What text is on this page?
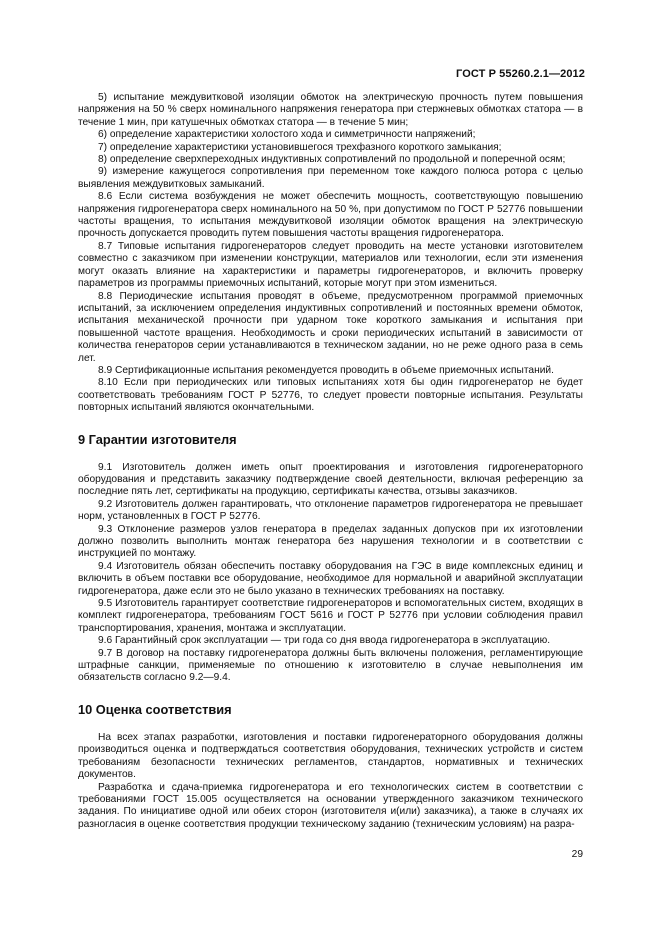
ГОСТ Р 55260.2.1—2012

5) испытание междувитковой изоляции обмоток на электрическую прочность путем повышения напряжения на 50 % сверх номинального напряжения генератора при стержневых обмотках статора — в течение 1 мин, при катушечных обмотках статора — в течение 5 мин;

6) определение характеристики холостого хода и симметричности напряжений;

7) определение характеристики установившегося трехфазного короткого замыкания;

8) определение сверхпереходных индуктивных сопротивлений по продольной и поперечной осям;

9) измерение кажущегося сопротивления при переменном токе каждого полюса ротора с целью выявления междувитковых замыканий.

8.6 Если система возбуждения не может обеспечить мощность, соответствующую повышению напряжения гидрогенератора сверх номинального на 50 %, при допустимом по ГОСТ Р 52776 повышении частоты вращения, то испытания междувитковой изоляции обмоток вращения на электрическую прочность допускается проводить путем повышения частоты вращения гидрогенератора.

8.7 Типовые испытания гидрогенераторов следует проводить на месте установки изготовителем совместно с заказчиком при изменении конструкции, материалов или технологии, если эти изменения могут оказать влияние на характеристики и параметры гидрогенераторов, и включить проверку параметров из программы приемочных испытаний, которые могут при этом измениться.

8.8 Периодические испытания проводят в объеме, предусмотренном программой приемочных испытаний, за исключением определения индуктивных сопротивлений и постоянных времени обмоток, испытания механической прочности при ударном токе короткого замыкания и испытания при повышенной частоте вращения. Необходимость и сроки периодических испытаний в зависимости от количества генераторов серии устанавливаются в техническом задании, но не реже одного раза в семь лет.

8.9 Сертификационные испытания рекомендуется проводить в объеме приемочных испытаний.

8.10 Если при периодических или типовых испытаниях хотя бы один гидрогенератор не будет соответствовать требованиям ГОСТ Р 52776, то следует провести повторные испытания. Результаты повторных испытаний являются окончательными.

9 Гарантии изготовителя

9.1 Изготовитель должен иметь опыт проектирования и изготовления гидрогенераторного оборудования и представить заказчику подтверждение своей деятельности, включая референцию за последние пять лет, сертификаты на продукцию, сертификаты качества, отзывы заказчиков.

9.2 Изготовитель должен гарантировать, что отклонение параметров гидрогенератора не превышает норм, установленных в ГОСТ Р 52776.

9.3 Отклонение размеров узлов генератора в пределах заданных допусков при их изготовлении должно позволить выполнить монтаж генератора без нарушения технологии и в соответствии с инструкцией по монтажу.

9.4 Изготовитель обязан обеспечить поставку оборудования на ГЭС в виде комплексных единиц и включить в объем поставки все оборудование, необходимое для нормальной и аварийной эксплуатации гидрогенератора, даже если это не было указано в технических требованиях на поставку.

9.5 Изготовитель гарантирует соответствие гидрогенераторов и вспомогательных систем, входящих в комплект гидрогенератора, требованиям ГОСТ 5616 и ГОСТ Р 52776 при условии соблюдения правил транспортирования, хранения, монтажа и эксплуатации.

9.6 Гарантийный срок эксплуатации — три года со дня ввода гидрогенератора в эксплуатацию.

9.7 В договор на поставку гидрогенератора должны быть включены положения, регламентирующие штрафные санкции, применяемые по отношению к изготовителю в случае невыполнения им обязательств согласно 9.2—9.4.

10 Оценка соответствия

На всех этапах разработки, изготовления и поставки гидрогенераторного оборудования должны производиться оценка и подтверждаться соответствия оборудования, технических устройств и систем требованиям безопасности технических регламентов, стандартов, нормативных и технических документов.

Разработка и сдача-приемка гидрогенератора и его технологических систем в соответствии с требованиями ГОСТ 15.005 осуществляется на основании утвержденного заказчиком технического задания. По инициативе одной или обеих сторон (изготовителя и(или) заказчика), а также в случаях их разногласия в оценке соответствия продукции техническому заданию (техническим условиям) на разра-

29
